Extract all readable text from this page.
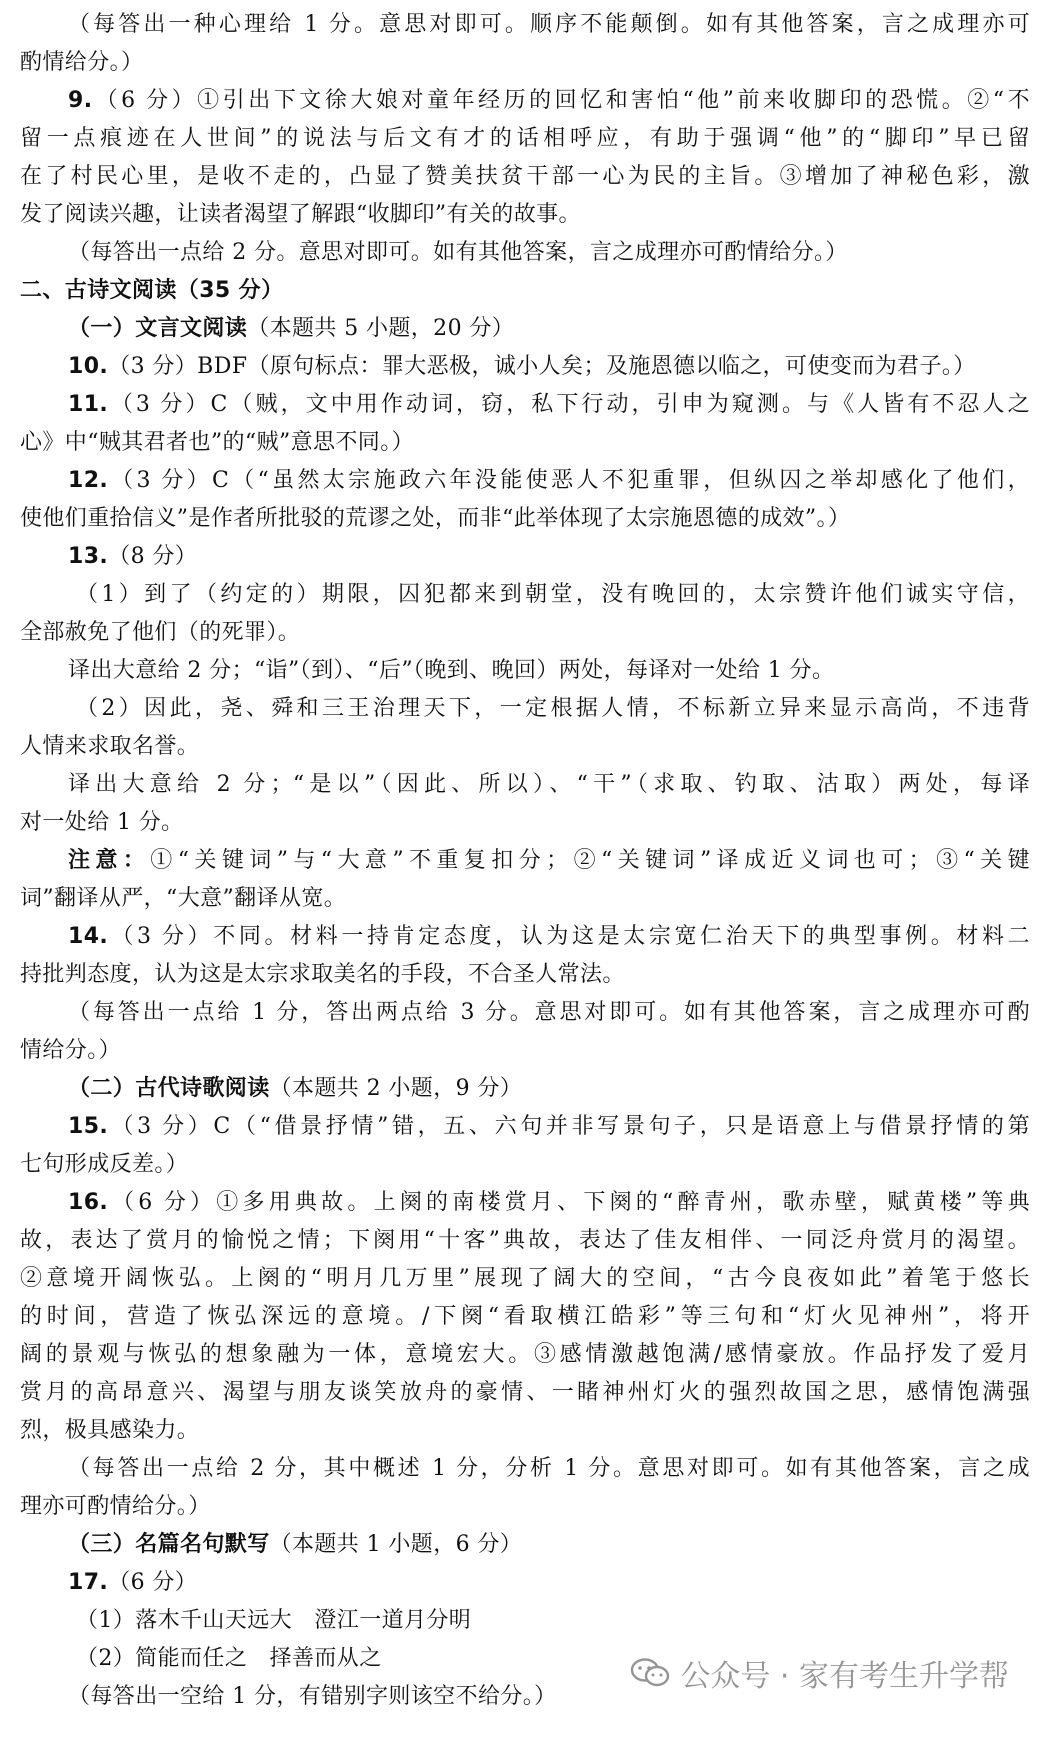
（每答出一种心理给 1 分。意思对即可。顺序不能颠倒。如有其他答案，言之成理亦可
酌情给分。）
9.（6 分）①引出下文徐大娘对童年经历的回忆和害怕“他”前来收脚印的恐慌。②“不
留一点痕迹在人世间”的说法与后文有才的话相呼应，有助于强调“他”的“脚印”早已留
在了村民心里，是收不走的，凸显了赞美扶贫干部一心为民的主旨。③增加了神秘色彩，激
发了阅读兴趣，让读者渴望了解跟“收脚印”有关的故事。
（每答出一点给 2 分。意思对即可。如有其他答案，言之成理亦可酌情给分。）
二、古诗文阅读（35 分）
（一）文言文阅读（本题共 5 小题，20 分）
10.（3 分）BDF（原句标点：罪大恶极，诚小人矣；及施恩德以临之，可使变而为君子。）
11.（3 分）C（贼，文中用作动词，窃，私下行动，引申为窥测。与《人皆有不忍人之
心》中“贼其君者也”的“贼”意思不同。）
12.（3 分）C（“虽然太宗施政六年没能使恶人不犯重罪，但纵囚之举却感化了他们，
使他们重拾信义”是作者所批驳的荒谬之处，而非“此举体现了太宗施恩德的成效”。）
13.（8 分）
（1）到了（约定的）期限，囚犯都来到朝堂，没有晚回的，太宗赞许他们诚实守信，
全部赦免了他们（的死罪）。
译出大意给 2 分；“诣”（到）、“后”（晚到、晚回）两处，每译对一处给 1 分。
（2）因此，尧、舜和三王治理天下，一定根据人情，不标新立异来显示高尚，不违背
人情来求取名誉。
译出大意给 2 分；“是以”（因此、所以）、“干”（求取、钓取、沽取）两处，每译
对一处给 1 分。
注意：①“关键词”与“大意”不重复扣分；②“关键词”译成近义词也可；③“关键
词”翻译从严，“大意”翻译从宽。
14.（3 分）不同。材料一持肯定态度，认为这是太宗宽仁治天下的典型事例。材料二
持批判态度，认为这是太宗求取美名的手段，不合圣人常法。
（每答出一点给 1 分，答出两点给 3 分。意思对即可。如有其他答案，言之成理亦可酌
情给分。）
（二）古代诗歌阅读（本题共 2 小题，9 分）
15.（3 分）C（“借景抒情”错，五、六句并非写景句子，只是语意上与借景抒情的第
七句形成反差。）
16.（6 分）①多用典故。上阕的南楼赏月、下阕的“醉青州，歌赤壁，赋黄楼”等典
故，表达了赏月的愉悦之情；下阕用“十客”典故，表达了佳友相伴、一同泛舟赏月的渴望。
②意境开阔恢弘。上阕的“明月几万里”展现了阔大的空间，“古今良夜如此”着笔于悠长
的时间，营造了恢弘深远的意境。/下阕“看取横江皓彩”等三句和“灯火见神州”，将开
阔的景观与恢弘的想象融为一体，意境宏大。③感情激越饱满/感情豪放。作品抒发了爱月
赏月的高昂意兴、渴望与朋友谈笑放舟的豪情、一睹神州灯火的强烈故国之思，感情饱满强
烈，极具感染力。
（每答出一点给 2 分，其中概述 1 分，分析 1 分。意思对即可。如有其他答案，言之成
理亦可酌情给分。）
（三）名篇名句默写（本题共 1 小题，6 分）
17.（6 分）
（1）落木千山天远大　澄江一道月分明
（2）简能而任之　择善而从之
（每答出一空给 1 分，有错别字则该空不给分。）
公众号 · 家有考生升学帮
